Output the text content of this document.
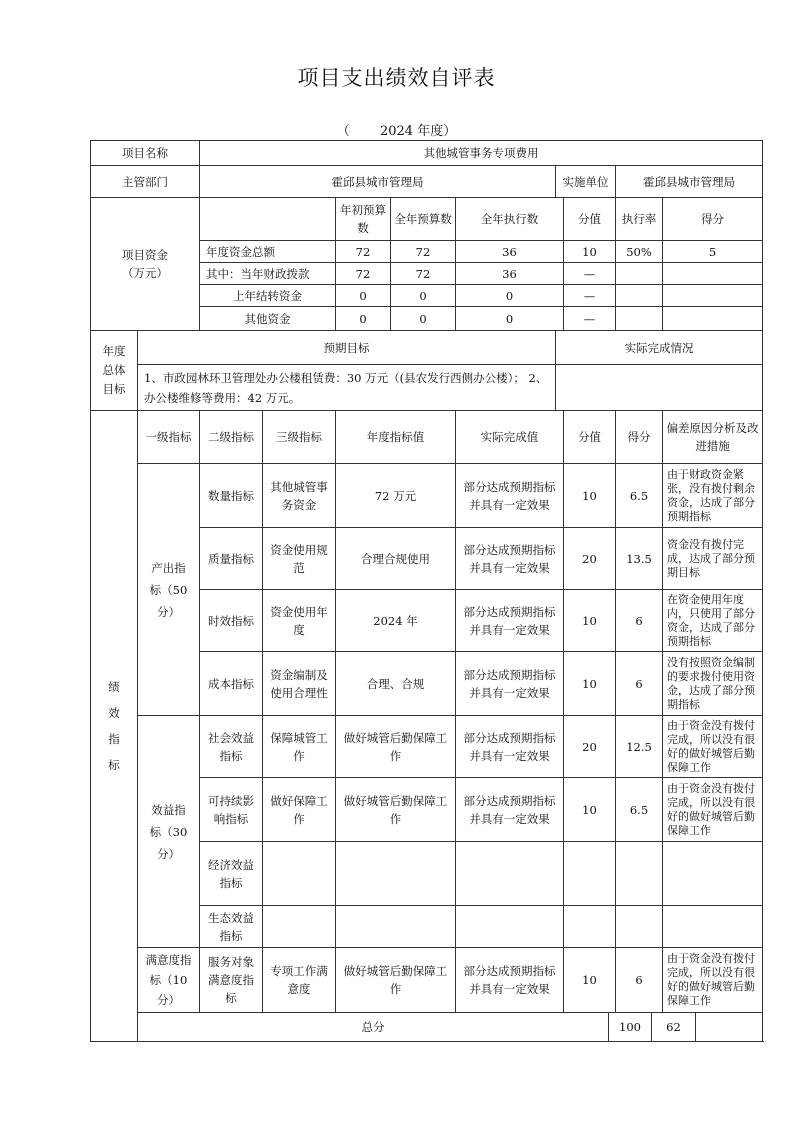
项目支出绩效自评表
（ 2024 年度）
项目名称		其他城管事务专项费用											
主管部门		霍邱县城市管理局					实施单位			霍邱县城市管理局			
项目资金（万元）				年初预算数	全年预算数	全年执行数		分值		执行率		得分	
		年度资金总额		72	72	36		10		50%		5	
		其中：当年财政拨款		72	72	36		—					
		上年结转资金		0	0	0		—					
		其他资金		0	0	0		—					
年度总体目标	预期目标						实际完成情况						
	1、市政园林环卫管理处办公楼租赁费：30 万元（(县农发行西侧办公楼）； 2、办公楼维修等费用：42 万元。												
绩效指标	一级指标	二级指标	三级指标	年度指标值		实际完成值		分值		得分		偏差原因分析及改进措施	
	产出指标（50 分）	数量指标	其他城管事务资金	72 万元		部分达成预期指标并具有一定效果		10		6.5		由于财政资金紧张，没有拨付剩余资金，达成了部分预期指标	
		质量指标	资金使用规范	合理合规使用		部分达成预期指标并具有一定效果		20		13.5		资金没有拨付完成，达成了部分预期目标	
		时效指标	资金使用年度	2024 年		部分达成预期指标并具有一定效果		10		6		在资金使用年度内，只使用了部分资金，达成了部分预期指标	
		成本指标	资金编制及使用合理性	合理、合规		部分达成预期指标并具有一定效果		10		6		没有按照资金编制的要求拨付使用资金，达成了部分预期指标	
	效益指标（30 分）	社会效益指标	保障城管工作	做好城管后勤保障工作		部分达成预期指标并具有一定效果		20		12.5		由于资金没有拨付完成，所以没有很好的做好城管后勤保障工作	
		可持续影响指标	做好保障工作	做好城管后勤保障工作		部分达成预期指标并具有一定效果		10		6.5		由于资金没有拨付完成，所以没有很好的做好城管后勤保障工作	
		经济效益指标											
		生态效益指标											
	满意度指标（10 分）	服务对象满意度指标	专项工作满意度	做好城管后勤保障工作		部分达成预期指标并具有一定效果		10		6		由于资金没有拨付完成，所以没有很好的做好城管后勤保障工作	
	总分								100		62		
